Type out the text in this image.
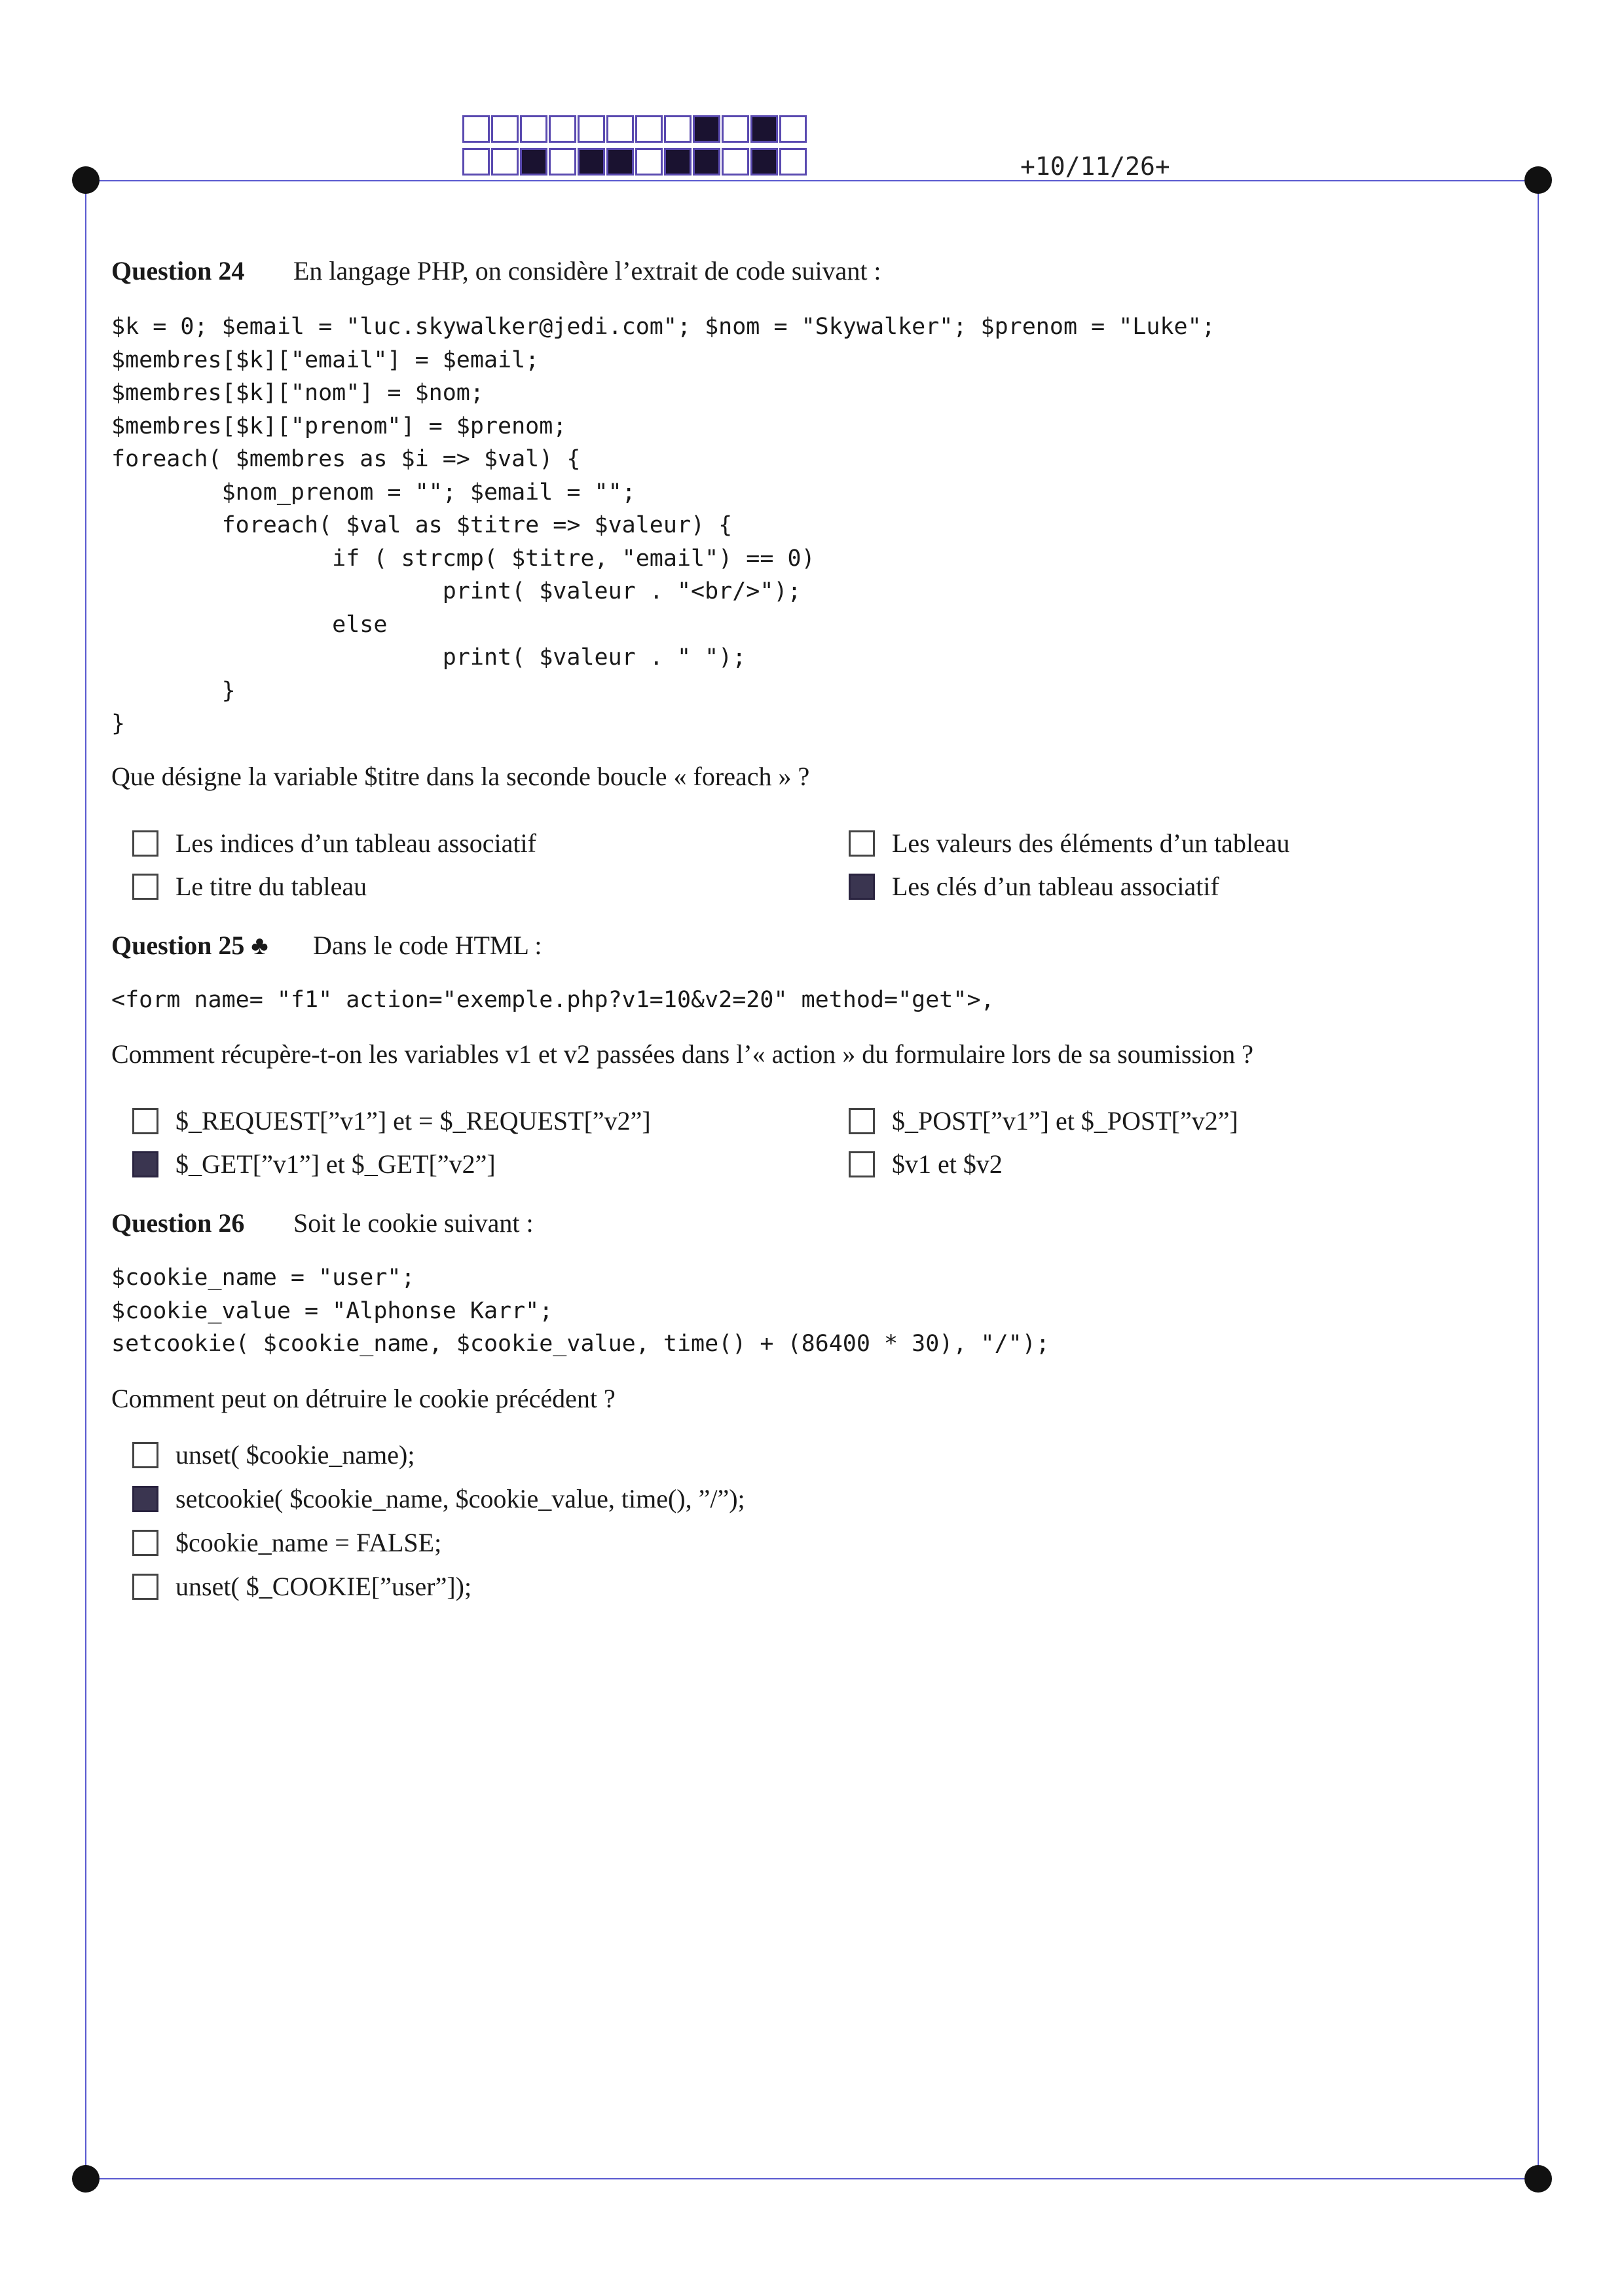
+10/11/26+
Question 24 En langage PHP, on considère l’extrait de code suivant :
$k = 0; $email = "luc.skywalker@jedi.com"; $nom = "Skywalker"; $prenom = "Luke";
$membres[$k]["email"] = $email;
$membres[$k]["nom"] = $nom;
$membres[$k]["prenom"] = $prenom;
foreach( $membres as $i => $val) {
$nom_prenom = ""; $email = "";
foreach( $val as $titre => $valeur) {
if ( strcmp( $titre, "email") == 0)
print( $valeur . "<br/>");
else
print( $valeur . " ");
}
}
Que désigne la variable $titre dans la seconde boucle « foreach » ?
Les indices d’un tableau associatif	Les valeurs des éléments d’un tableau
Le titre du tableau	Les clés d’un tableau associatif
Question 25 ♣ Dans le code HTML :
<form name= "f1" action="exemple.php?v1=10&v2=20" method="get">,
Comment récupère-t-on les variables v1 et v2 passées dans l’« action » du formulaire lors de sa soumission ?
$_REQUEST[”v1”] et = $_REQUEST[”v2”]	$_POST[”v1”] et $_POST[”v2”]
$_GET[”v1”] et $_GET[”v2”]	$v1 et $v2
Question 26 Soit le cookie suivant :
$cookie_name = "user";
$cookie_value = "Alphonse Karr";
setcookie( $cookie_name, $cookie_value, time() + (86400 * 30), "/");
Comment peut on détruire le cookie précédent ?
unset( $cookie_name);
setcookie( $cookie_name, $cookie_value, time(), ”/”);
$cookie_name = FALSE;
unset( $_COOKIE[”user”]);
